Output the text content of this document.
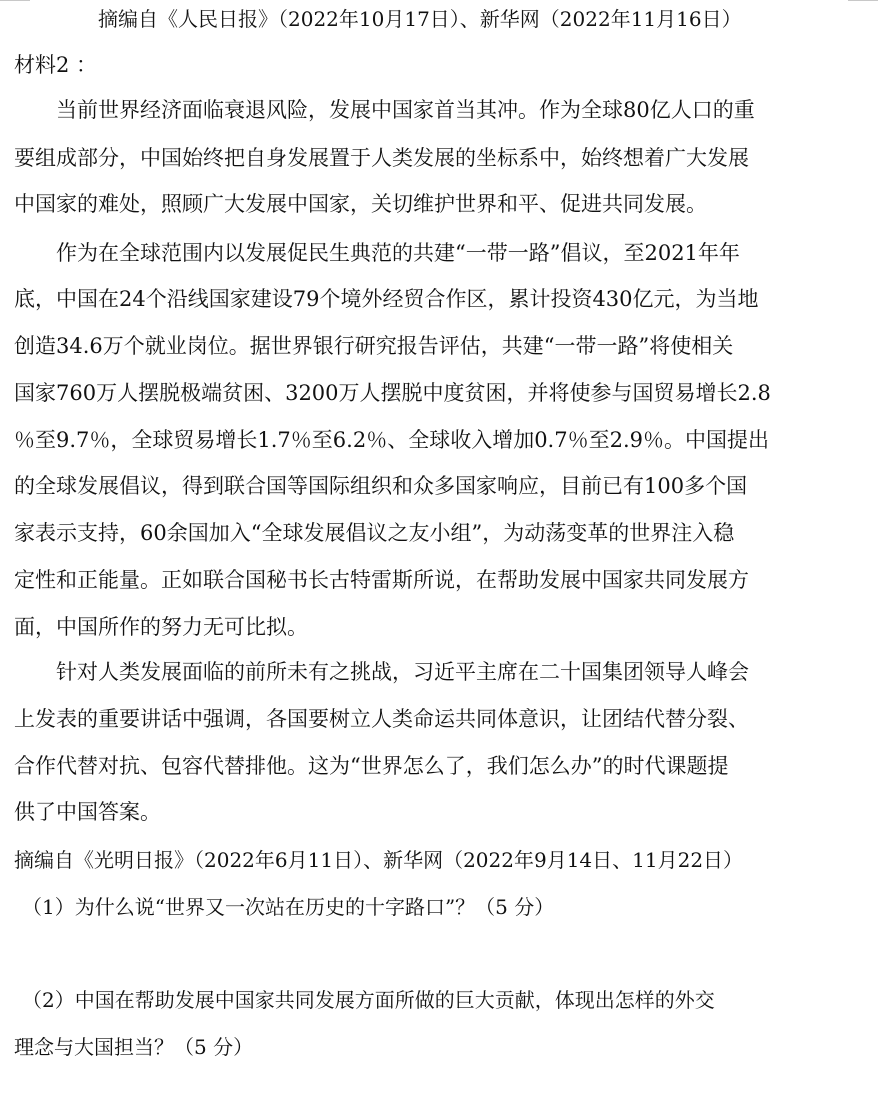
摘编自《人民日报》（2022年10月17日）、新华网（2022年11月16日）
材料2 ：
当前世界经济面临衰退风险，发展中国家首当其冲。作为全球80亿人口的重
要组成部分，中国始终把自身发展置于人类发展的坐标系中，始终想着广大发展
中国家的难处，照顾广大发展中国家，关切维护世界和平、促进共同发展。
作为在全球范围内以发展促民生典范的共建“一带一路”倡议，至2021年年
底，中国在24个沿线国家建设79个境外经贸合作区，累计投资430亿元，为当地
创造34.6万个就业岗位。据世界银行研究报告评估，共建“一带一路”将使相关
国家760万人摆脱极端贫困、3200万人摆脱中度贫困，并将使参与国贸易增长2.8
％至9.7％，全球贸易增长1.7％至6.2％、全球收入增加0.7％至2.9％。中国提出
的全球发展倡议，得到联合国等国际组织和众多国家响应，目前已有100多个国
家表示支持，60余国加入“全球发展倡议之友小组”，为动荡变革的世界注入稳
定性和正能量。正如联合国秘书长古特雷斯所说，在帮助发展中国家共同发展方
面，中国所作的努力无可比拟。
针对人类发展面临的前所未有之挑战，习近平主席在二十国集团领导人峰会
上发表的重要讲话中强调，各国要树立人类命运共同体意识，让团结代替分裂、
合作代替对抗、包容代替排他。这为“世界怎么了，我们怎么办”的时代课题提
供了中国答案。
摘编自《光明日报》（2022年6月11日）、新华网（2022年9月14日、11月22日）
（1）为什么说“世界又一次站在历史的十字路口”？（5 分）
（2）中国在帮助发展中国家共同发展方面所做的巨大贡献，体现出怎样的外交
理念与大国担当？（5 分）
